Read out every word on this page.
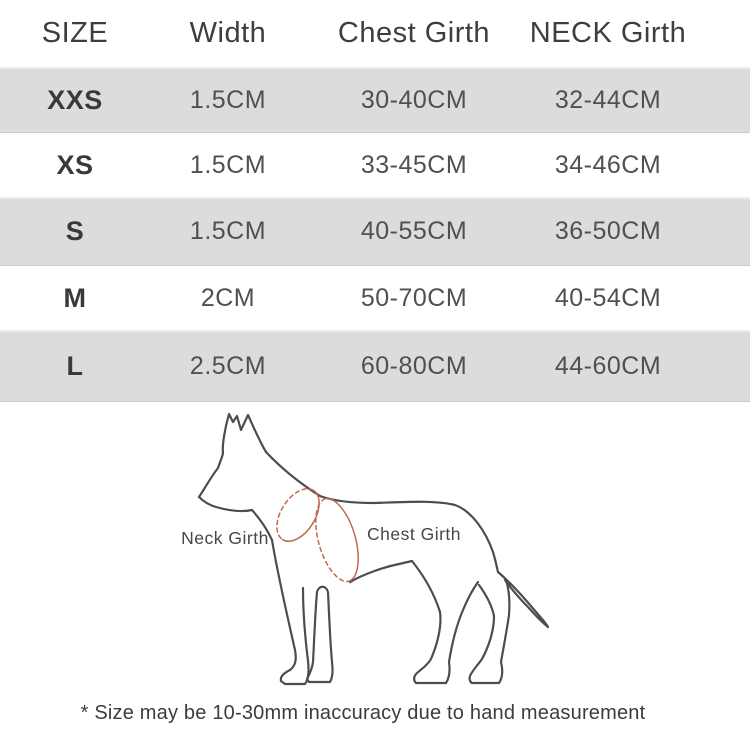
SIZE	Width	Chest Girth	NECK Girth
XXS	1.5CM	30-40CM	32-44CM
XS	1.5CM	33-45CM	34-46CM
S	1.5CM	40-55CM	36-50CM
M	2CM	50-70CM	40-54CM
L	2.5CM	60-80CM	44-60CM
Neck Girth	Chest Girth
* Size may be 10-30mm inaccuracy due to hand measurement
